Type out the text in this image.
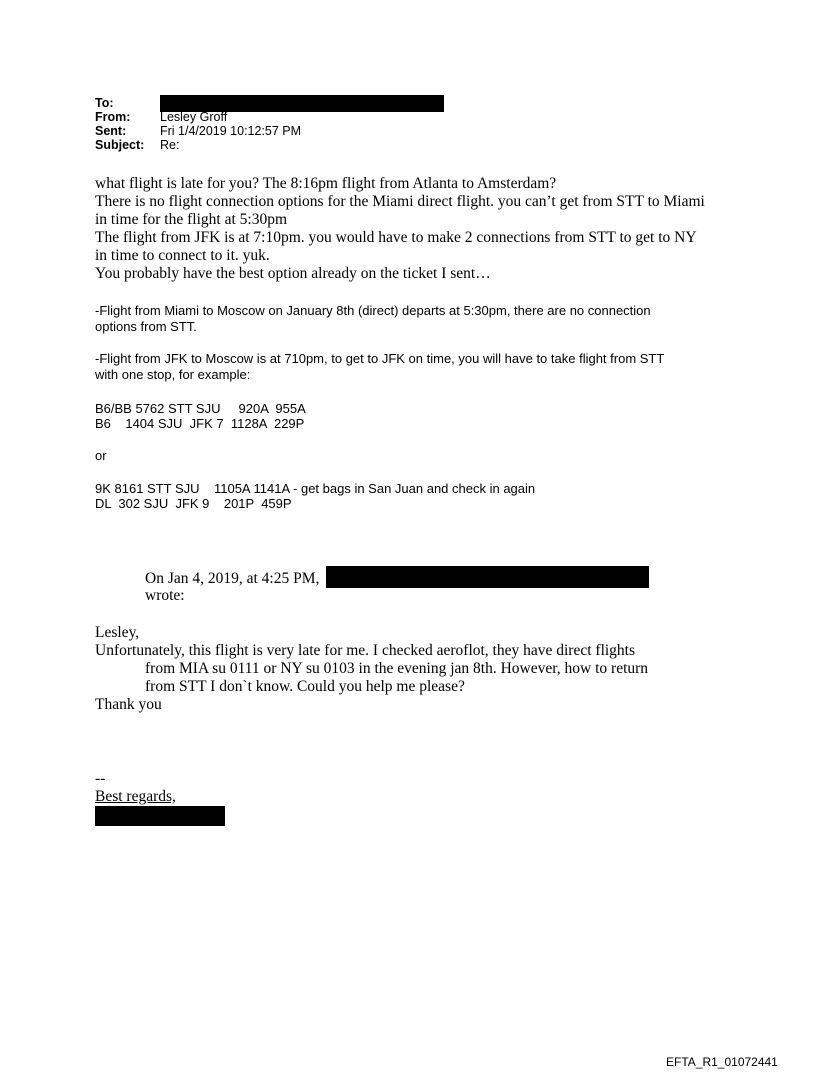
To:
From:	Lesley Groff
Sent:	Fri 1/4/2019 10:12:57 PM
Subject:	Re:
what flight is late for you? The 8:16pm flight from Atlanta to Amsterdam?
There is no flight connection options for the Miami direct flight. you can’t get from STT to Miami
in time for the flight at 5:30pm
The flight from JFK is at 7:10pm. you would have to make 2 connections from STT to get to NY
in time to connect to it. yuk.
You probably have the best option already on the ticket I sent…
-Flight from Miami to Moscow on January 8th (direct) departs at 5:30pm, there are no connection
options from STT.
-Flight from JFK to Moscow is at 710pm, to get to JFK on time, you will have to take flight from STT
with one stop, for example:
B6/BB 5762 STT SJU     920A  955A
B6    1404 SJU  JFK 7  1128A  229P
or
9K 8161 STT SJU    1105A 1141A - get bags in San Juan and check in again
DL  302 SJU  JFK 9    201P  459P
On Jan 4, 2019, at 4:25 PM,
wrote:
Lesley,
Unfortunately, this flight is very late for me. I checked aeroflot, they have direct flights
from MIA su 0111 or NY su 0103 in the evening jan 8th. However, how to return
from STT I don`t know. Could you help me please?
Thank you
--
Best regards,
EFTA_R1_01072441
